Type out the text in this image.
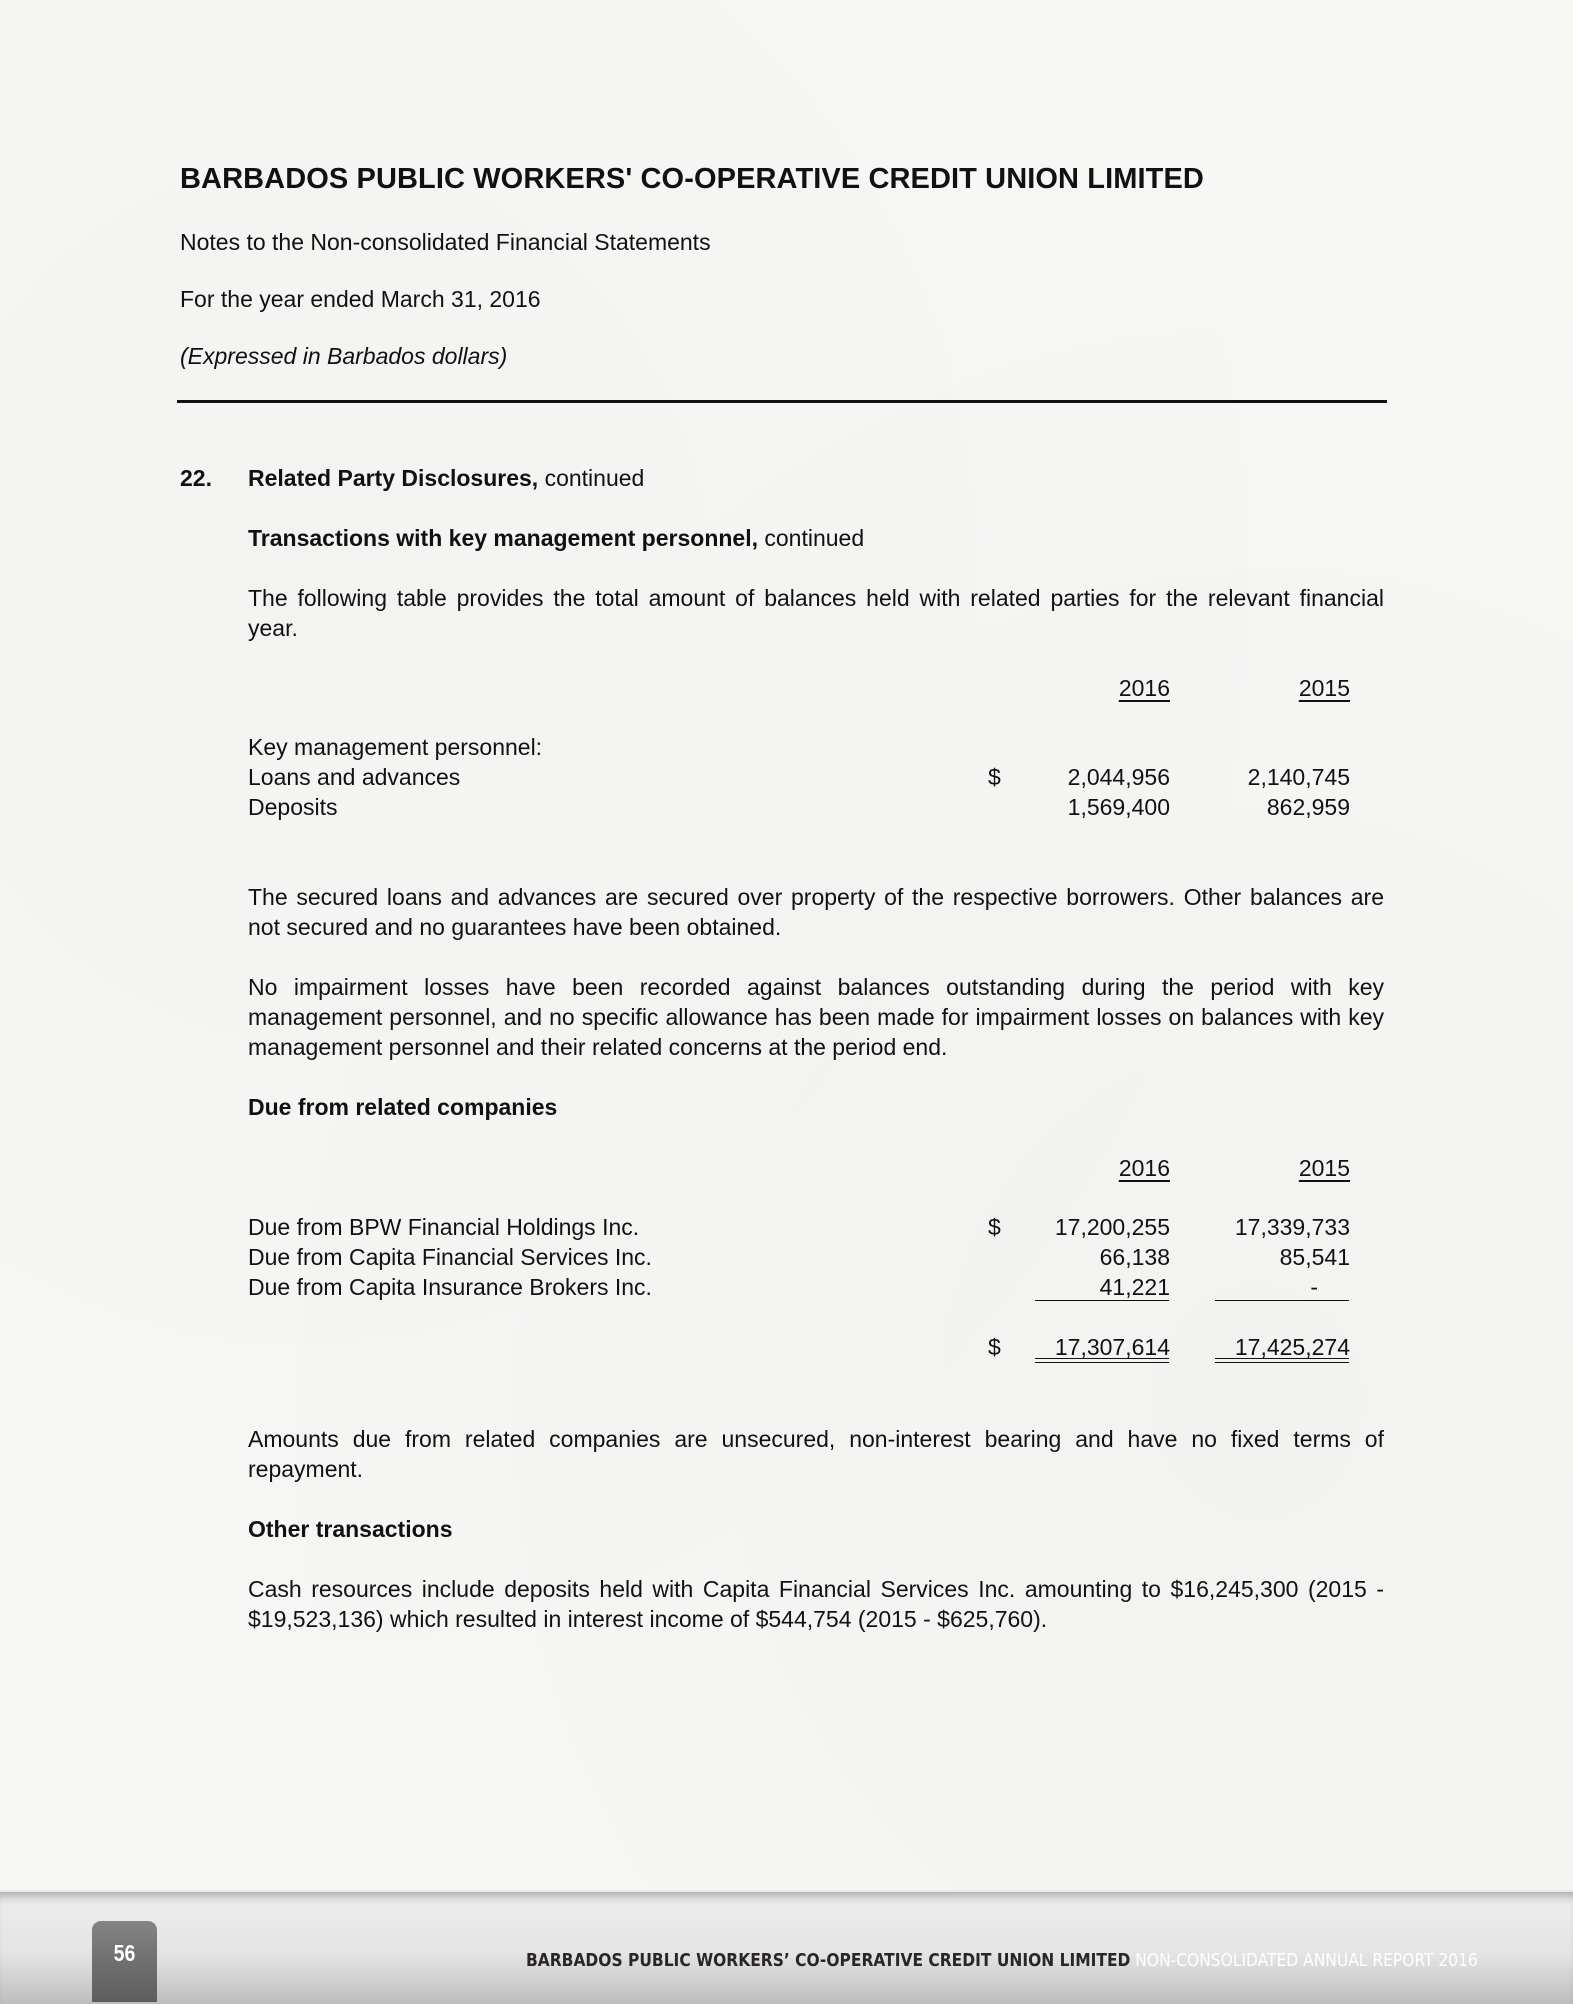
BARBADOS PUBLIC WORKERS' CO-OPERATIVE CREDIT UNION LIMITED

Notes to the Non-consolidated Financial Statements

For the year ended March 31, 2016

(Expressed in Barbados dollars)

22. Related Party Disclosures, continued

Transactions with key management personnel, continued

The following table provides the total amount of balances held with related parties for the relevant financial year.

2016	2015
Key management personnel:
Loans and advances	$	2,044,956	2,140,745
Deposits	1,569,400	862,959

The secured loans and advances are secured over property of the respective borrowers. Other balances are not secured and no guarantees have been obtained.

No impairment losses have been recorded against balances outstanding during the period with key management personnel, and no specific allowance has been made for impairment losses on balances with key management personnel and their related concerns at the period end.

Due from related companies

2016	2015
Due from BPW Financial Holdings Inc.	$	17,200,255	17,339,733
Due from Capita Financial Services Inc.	66,138	85,541
Due from Capita Insurance Brokers Inc.	41,221	-
$	17,307,614	17,425,274

Amounts due from related companies are unsecured, non-interest bearing and have no fixed terms of repayment.

Other transactions

Cash resources include deposits held with Capita Financial Services Inc. amounting to $16,245,300 (2015 - $19,523,136) which resulted in interest income of $544,754 (2015 - $625,760).

56	BARBADOS PUBLIC WORKERS’ CO-OPERATIVE CREDIT UNION LIMITED NON-CONSOLIDATED ANNUAL REPORT 2016
